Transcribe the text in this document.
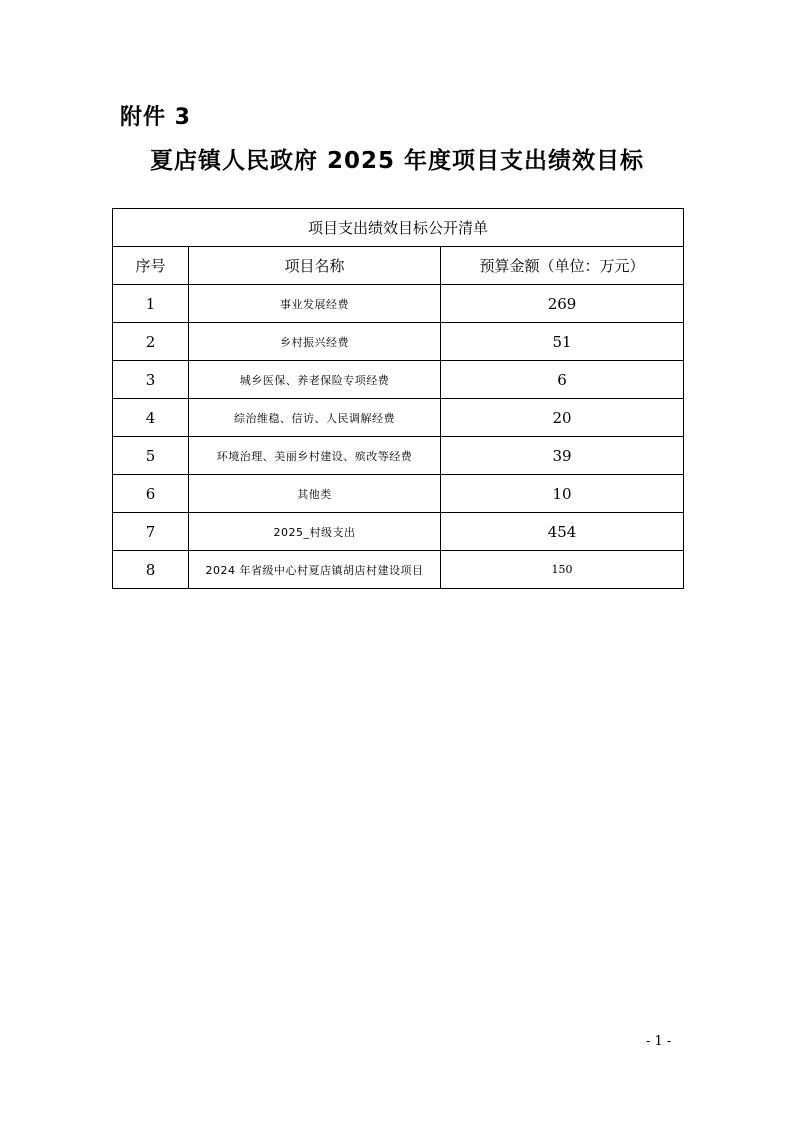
附件 3
夏店镇人民政府 2025 年度项目支出绩效目标
项目支出绩效目标公开清单		
序号	项目名称	预算金额（单位：万元）
1	事业发展经费	269
2	乡村振兴经费	51
3	城乡医保、养老保险专项经费	6
4	综治维稳、信访、人民调解经费	20
5	环境治理、美丽乡村建设、殡改等经费	39
6	其他类	10
7	2025_村级支出	454
8	2024 年省级中心村夏店镇胡店村建设项目	150
- 1 -
